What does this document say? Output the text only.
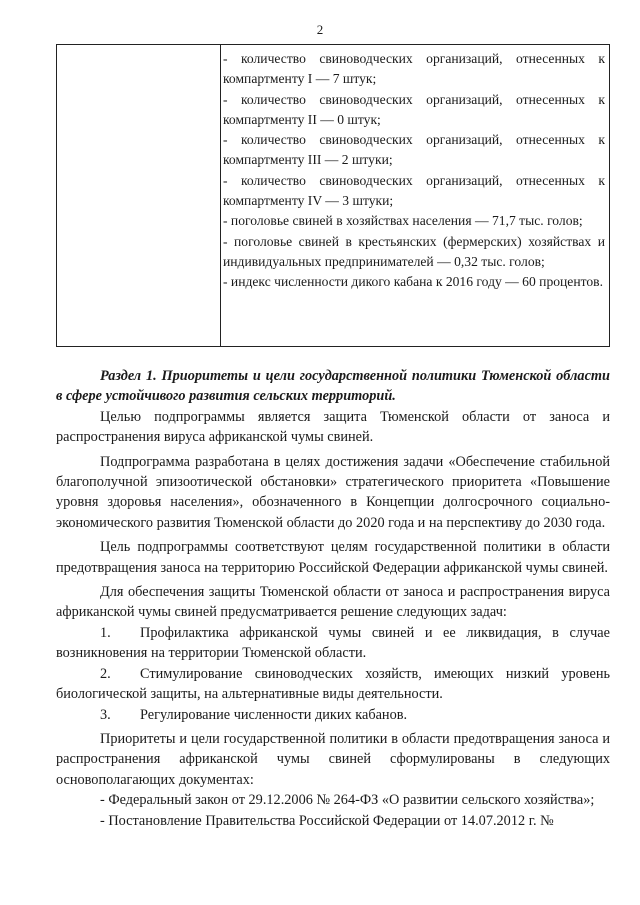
2

- количество свиноводческих организаций, отнесенных к компартменту I — 7 штук;

- количество свиноводческих организаций, отнесенных к компартменту II — 0 штук;

- количество свиноводческих организаций, отнесенных к компартменту III — 2 штуки;

- количество свиноводческих организаций, отнесенных к компартменту IV — 3 штуки;

- поголовье свиней в хозяйствах населения — 71,7 тыс. голов;

- поголовье свиней в крестьянских (фермерских) хозяйствах и индивидуальных предпринимателей — 0,32 тыс. голов;

- индекс численности дикого кабана к 2016 году — 60 процентов.

Раздел 1. Приоритеты и цели государственной политики Тюменской области в сфере устойчивого развития сельских территорий.

Целью подпрограммы является защита Тюменской области от заноса и распространения вируса африканской чумы свиней.

Подпрограмма разработана в целях достижения задачи «Обеспечение стабильной благополучной эпизоотической обстановки» стратегического приоритета «Повышение уровня здоровья населения», обозначенного в Концепции долгосрочного социально-экономического развития Тюменской области до 2020 года и на перспективу до 2030 года.

Цель подпрограммы соответствуют целям государственной политики в области предотвращения заноса на территорию Российской Федерации африканской чумы свиней.

Для обеспечения защиты Тюменской области от заноса и распространения вируса африканской чумы свиней предусматривается решение следующих задач:

1. Профилактика африканской чумы свиней и ее ликвидация, в случае возникновения на территории Тюменской области.

2. Стимулирование свиноводческих хозяйств, имеющих низкий уровень биологической защиты, на альтернативные виды деятельности.

3. Регулирование численности диких кабанов.

Приоритеты и цели государственной политики в области предотвращения заноса и распространения африканской чумы свиней сформулированы в следующих основополагающих документах:

- Федеральный закон от 29.12.2006 № 264-ФЗ «О развитии сельского хозяйства»;

- Постановление Правительства Российской Федерации от 14.07.2012 г. №
